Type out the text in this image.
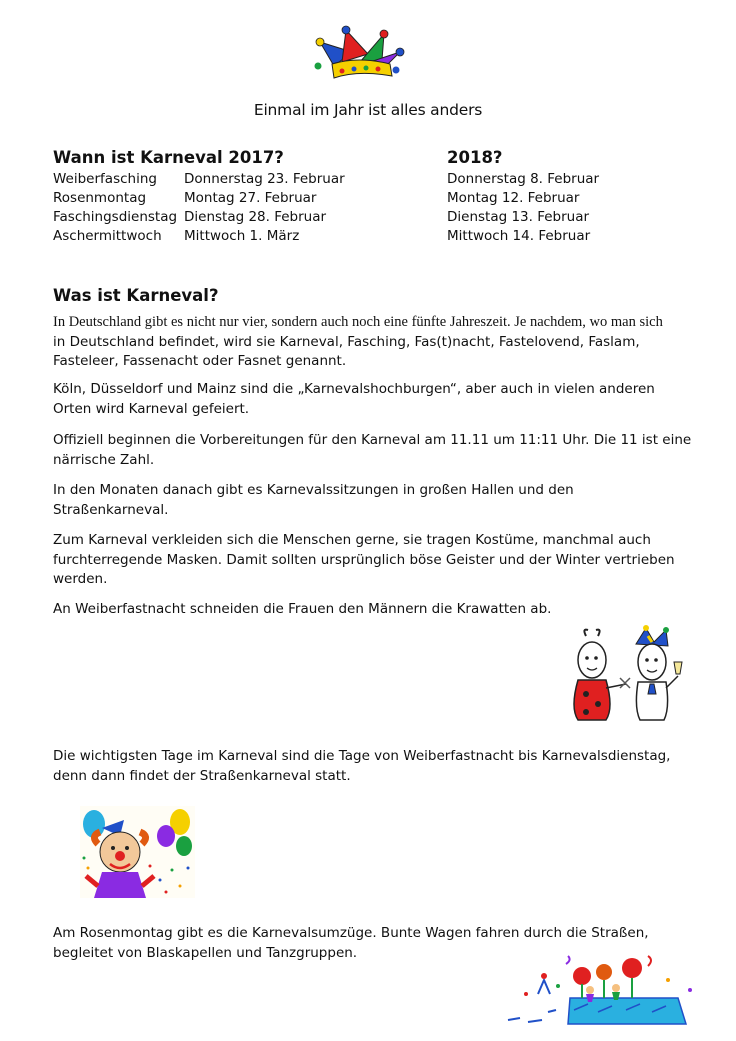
Einmal im Jahr ist alles anders
Wann ist Karneval 2017?	2018?
Weiberfasching Donnerstag 23. Februar	Donnerstag 8. Februar
Rosenmontag	Montag 27. Februar	Montag 12. Februar
Faschingsdienstag Dienstag 28. Februar	Dienstag 13. Februar
Aschermittwoch Mittwoch 1. März	Mittwoch 14. Februar
Was ist Karneval?
In Deutschland gibt es nicht nur vier, sondern auch noch eine fünfte Jahreszeit. Je nachdem, wo man sich
in Deutschland befindet, wird sie Karneval, Fasching, Fas(t)nacht, Fastelovend, Faslam, Fasteleer, Fassenacht oder Fasnet genannt.
Köln, Düsseldorf und Mainz sind die „Karnevalshochburgen“, aber auch in vielen anderen Orten wird Karneval gefeiert.
Offiziell beginnen die Vorbereitungen für den Karneval am 11.11 um 11:11 Uhr. Die 11 ist eine närrische Zahl.
In den Monaten danach gibt es Karnevalssitzungen in großen Hallen und den Straßenkarneval.
Zum Karneval verkleiden sich die Menschen gerne, sie tragen Kostüme, manchmal auch furchterregende Masken. Damit sollten ursprünglich böse Geister und der Winter vertrieben werden.
An Weiberfastnacht schneiden die Frauen den Männern die Krawatten ab.
Die wichtigsten Tage im Karneval sind die Tage von Weiberfastnacht bis Karnevalsdienstag, denn dann findet der Straßenkarneval statt.
Am Rosenmontag gibt es die Karnevalsumzüge. Bunte Wagen fahren durch die Straßen, begleitet von Blaskapellen und Tanzgruppen.
